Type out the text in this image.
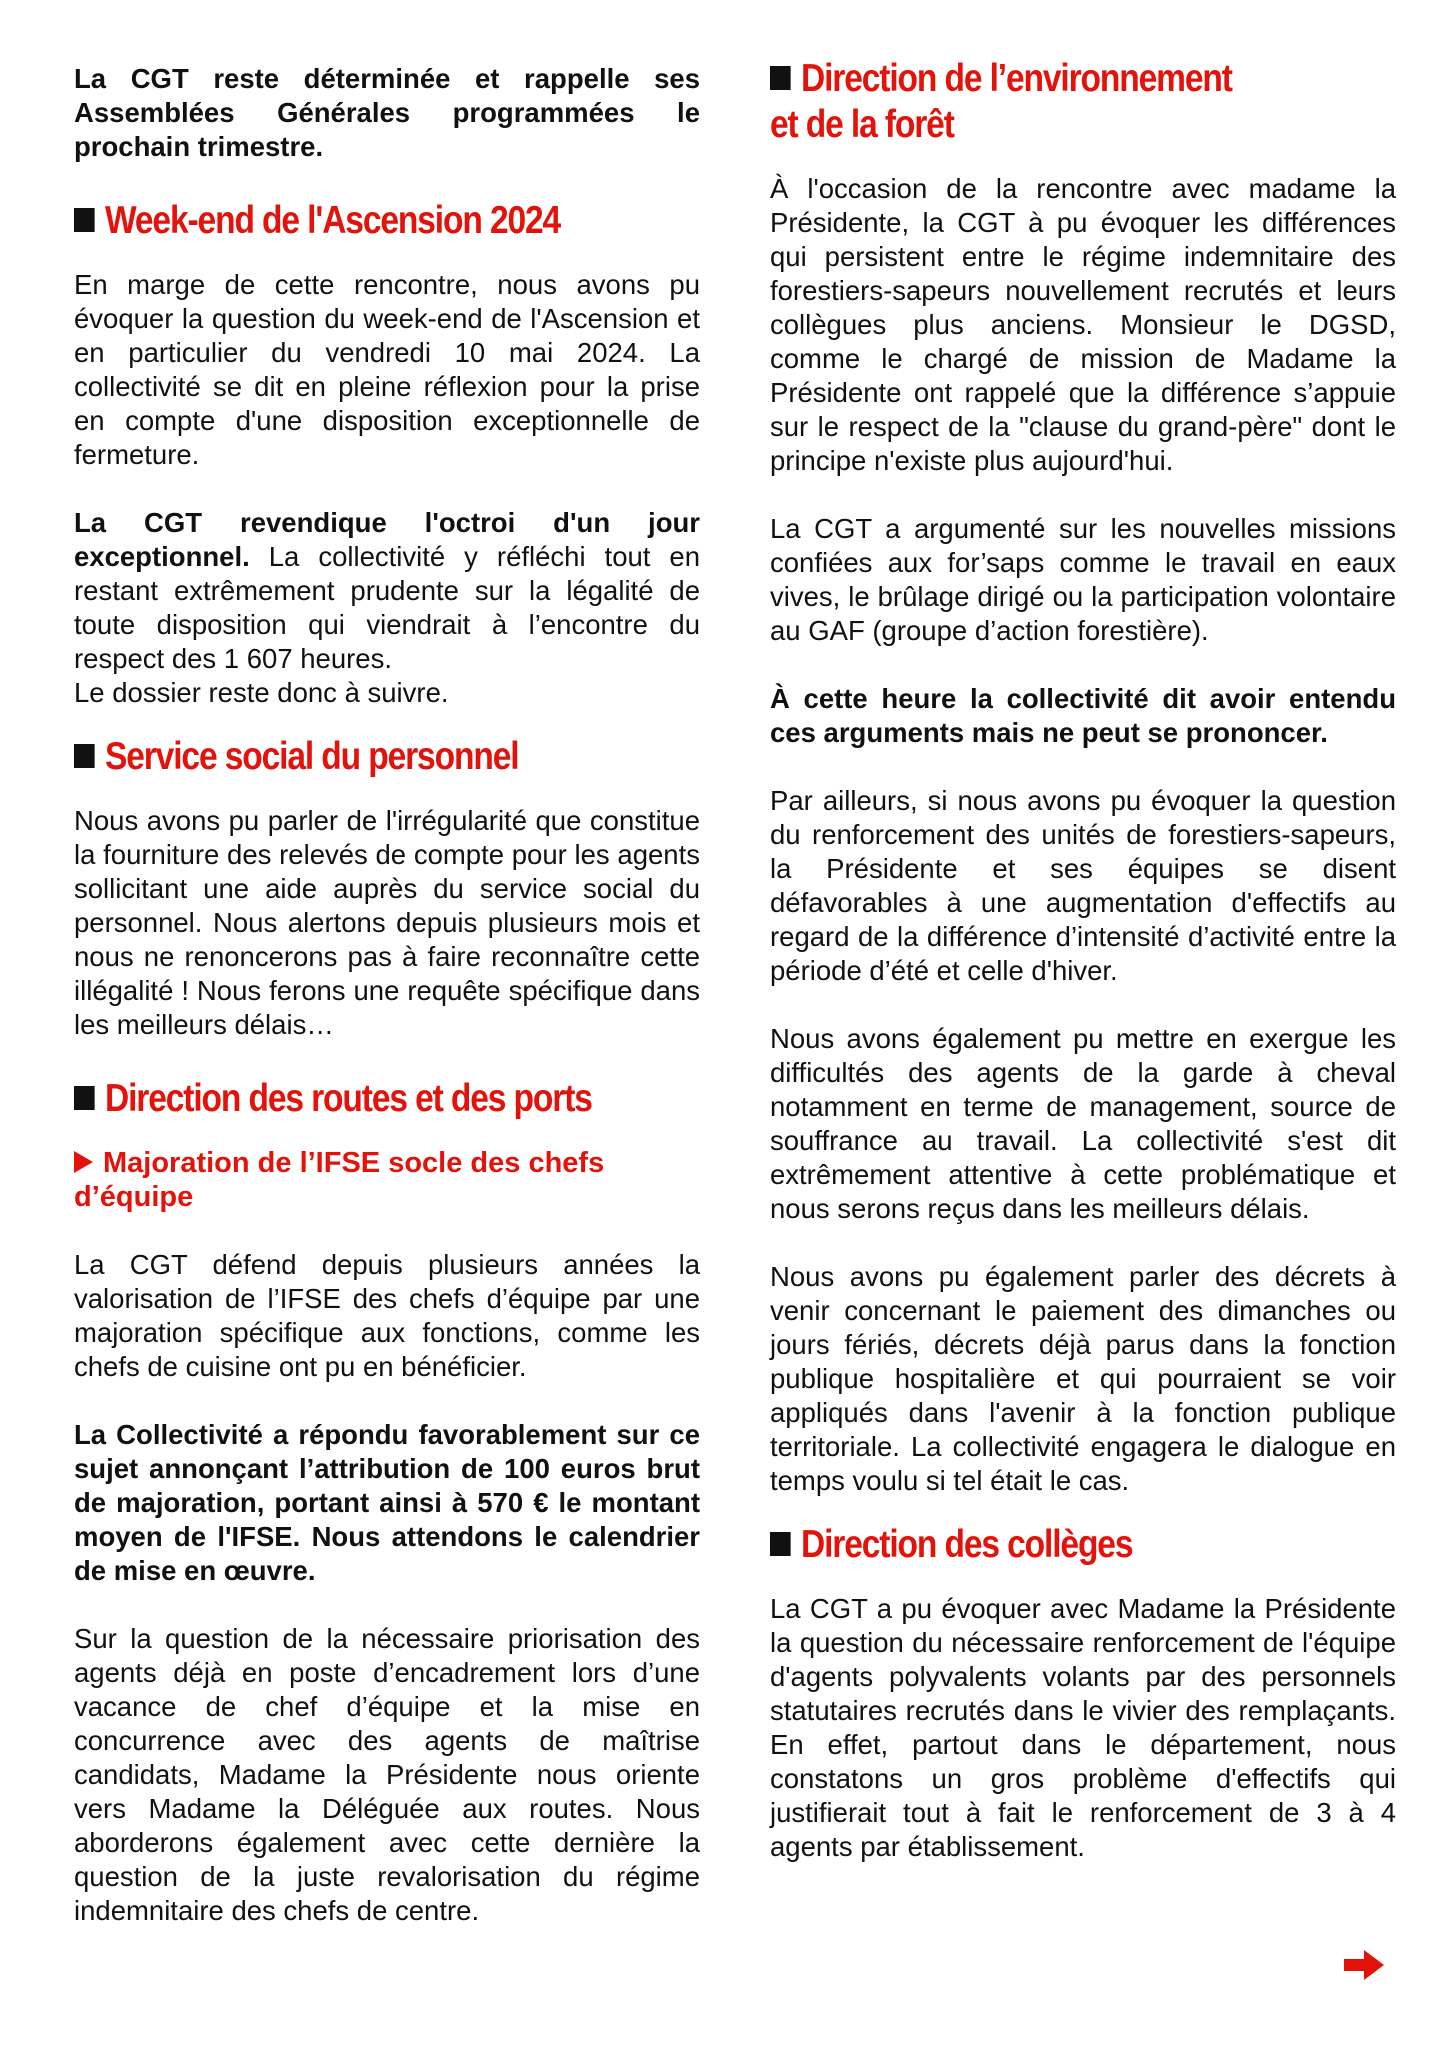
La CGT reste déterminée et rappelle ses Assemblées Générales programmées le prochain trimestre.

Week-end de l'Ascension 2024

En marge de cette rencontre, nous avons pu évoquer la question du week-end de l'Ascension et en particulier du vendredi 10 mai 2024. La collectivité se dit en pleine réflexion pour la prise en compte d'une disposition exceptionnelle de fermeture.

La CGT revendique l'octroi d'un jour exceptionnel. La collectivité y réfléchi tout en restant extrêmement prudente sur la légalité de toute disposition qui viendrait à l’encontre du respect des 1 607 heures.

Le dossier reste donc à suivre.

Service social du personnel

Nous avons pu parler de l'irrégularité que constitue la fourniture des relevés de compte pour les agents sollicitant une aide auprès du service social du personnel. Nous alertons depuis plusieurs mois et nous ne renoncerons pas à faire reconnaître cette illégalité ! Nous ferons une requête spécifique dans les meilleurs délais…

Direction des routes et des ports
Majoration de l’IFSE socle des chefs d’équipe

La CGT défend depuis plusieurs années la valorisation de l’IFSE des chefs d’équipe par une majoration spécifique aux fonctions, comme les chefs de cuisine ont pu en bénéficier.

La Collectivité a répondu favorablement sur ce sujet annonçant l’attribution de 100 euros brut de majoration, portant ainsi à 570 € le montant moyen de l'IFSE. Nous attendons le calendrier de mise en œuvre.

Sur la question de la nécessaire priorisation des agents déjà en poste d’encadrement lors d’une vacance de chef d’équipe et la mise en concurrence avec des agents de maîtrise candidats, Madame la Présidente nous oriente vers Madame la Déléguée aux routes. Nous aborderons également avec cette dernière la question de la juste revalorisation du régime indemnitaire des chefs de centre.

Direction de l’environnement
et de la forêt

À l'occasion de la rencontre avec madame la Présidente, la CGT à pu évoquer les différences qui persistent entre le régime indemnitaire des forestiers-sapeurs nouvellement recrutés et leurs collègues plus anciens. Monsieur le DGSD, comme le chargé de mission de Madame la Présidente ont rappelé que la différence s’appuie sur le respect de la "clause du grand-père" dont le principe n'existe plus aujourd'hui.

La CGT a argumenté sur les nouvelles missions confiées aux for’saps comme le travail en eaux vives, le brûlage dirigé ou la participation volontaire au GAF (groupe d’action forestière).

À cette heure la collectivité dit avoir entendu ces arguments mais ne peut se prononcer.

Par ailleurs, si nous avons pu évoquer la question du renforcement des unités de forestiers-sapeurs, la Présidente et ses équipes se disent défavorables à une augmentation d'effectifs au regard de la différence d’intensité d’activité entre la période d’été et celle d'hiver.

Nous avons également pu mettre en exergue les difficultés des agents de la garde à cheval notamment en terme de management, source de souffrance au travail. La collectivité s'est dit extrêmement attentive à cette problématique et nous serons reçus dans les meilleurs délais.

Nous avons pu également parler des décrets à venir concernant le paiement des dimanches ou jours fériés, décrets déjà parus dans la fonction publique hospitalière et qui pourraient se voir appliqués dans l'avenir à la fonction publique territoriale. La collectivité engagera le dialogue en temps voulu si tel était le cas.

Direction des collèges

La CGT a pu évoquer avec Madame la Présidente la question du nécessaire renforcement de l'équipe d'agents polyvalents volants par des personnels statutaires recrutés dans le vivier des remplaçants. En effet, partout dans le département, nous constatons un gros problème d'effectifs qui justifierait tout à fait le renforcement de 3 à 4 agents par établissement.
